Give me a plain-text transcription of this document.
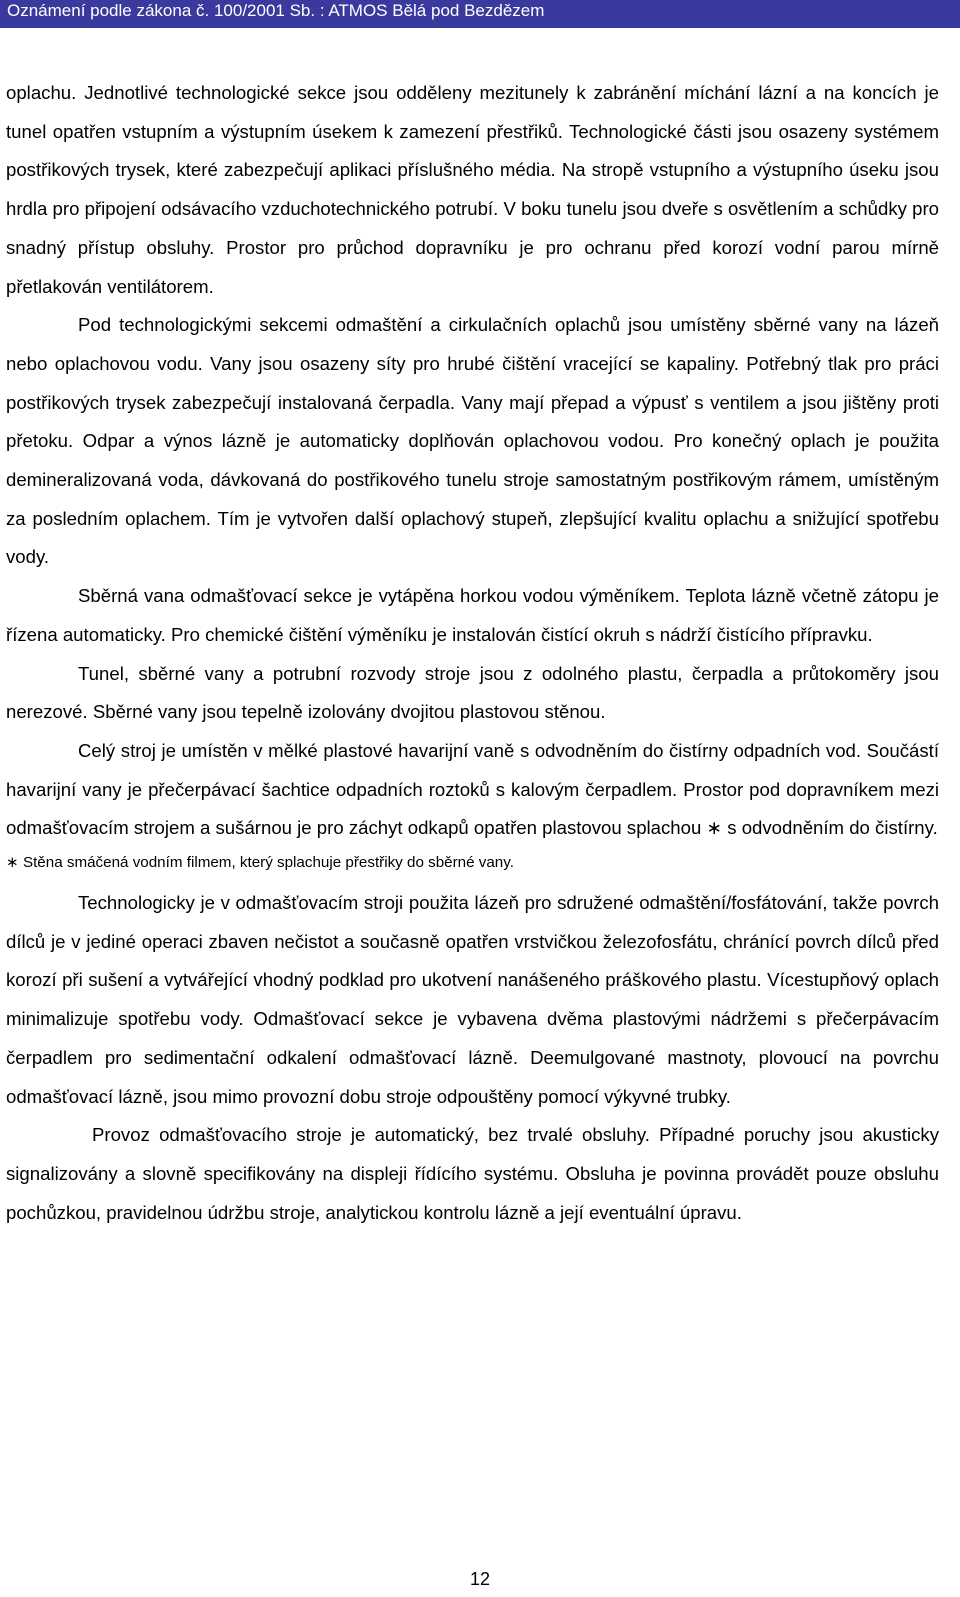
Oznámení podle zákona č. 100/2001 Sb. : ATMOS Bělá pod Bezdězem

oplachu. Jednotlivé technologické sekce jsou odděleny mezitunely k zabránění míchání lázní a na koncích je tunel opatřen vstupním a výstupním úsekem k zamezení přestřiků. Technologické části jsou osazeny systémem postřikových trysek, které zabezpečují aplikaci příslušného média. Na stropě vstupního a výstupního úseku jsou hrdla pro připojení odsávacího vzduchotechnického potrubí. V boku tunelu jsou dveře s osvětlením a schůdky pro snadný přístup obsluhy. Prostor pro průchod dopravníku je pro ochranu před korozí vodní parou mírně přetlakován ventilátorem.

Pod technologickými sekcemi odmaštění a cirkulačních oplachů jsou umístěny sběrné vany na lázeň nebo oplachovou vodu. Vany jsou osazeny síty pro hrubé čištění vracející se kapaliny. Potřebný tlak pro práci postřikových trysek zabezpečují instalovaná čerpadla. Vany mají přepad a výpusť s ventilem a jsou jištěny proti přetoku. Odpar a výnos lázně je automaticky doplňován oplachovou vodou. Pro konečný oplach je použita demineralizovaná voda, dávkovaná do postřikového tunelu stroje samostatným postřikovým rámem, umístěným za posledním oplachem. Tím je vytvořen další oplachový stupeň, zlepšující kvalitu oplachu a snižující spotřebu vody.

Sběrná vana odmašťovací sekce je vytápěna horkou vodou výměníkem. Teplota lázně včetně zátopu je řízena automaticky. Pro chemické čištění výměníku je instalován čistící okruh s nádrží čistícího přípravku.

Tunel, sběrné vany a potrubní rozvody stroje jsou z odolného plastu, čerpadla a průtokoměry jsou nerezové. Sběrné vany jsou tepelně izolovány dvojitou plastovou stěnou.

Celý stroj je umístěn v mělké plastové havarijní vaně s odvodněním do čistírny odpadních vod. Součástí havarijní vany je přečerpávací šachtice odpadních roztoků s kalovým čerpadlem. Prostor pod dopravníkem mezi odmašťovacím strojem a sušárnou je pro záchyt odkapů opatřen plastovou splachou ∗ s odvodněním do čistírny.

∗ Stěna smáčená vodním filmem, který splachuje přestřiky do sběrné vany.

Technologicky je v odmašťovacím stroji použita lázeň pro sdružené odmaštění/fosfátování, takže povrch dílců je v jediné operaci zbaven nečistot a současně opatřen vrstvičkou železofosfátu, chránící povrch dílců před korozí při sušení a vytvářející vhodný podklad pro ukotvení nanášeného práškového plastu. Vícestupňový oplach minimalizuje spotřebu vody. Odmašťovací sekce je vybavena dvěma plastovými nádržemi s přečerpávacím čerpadlem pro sedimentační odkalení odmašťovací lázně. Deemulgované mastnoty, plovoucí na povrchu odmašťovací lázně, jsou mimo provozní dobu stroje odpouštěny pomocí výkyvné trubky.

Provoz odmašťovacího stroje je automatický, bez trvalé obsluhy. Případné poruchy jsou akusticky signalizovány a slovně specifikovány na displeji řídícího systému. Obsluha je povinna provádět pouze obsluhu pochůzkou, pravidelnou údržbu stroje, analytickou kontrolu lázně a její eventuální úpravu.

12
